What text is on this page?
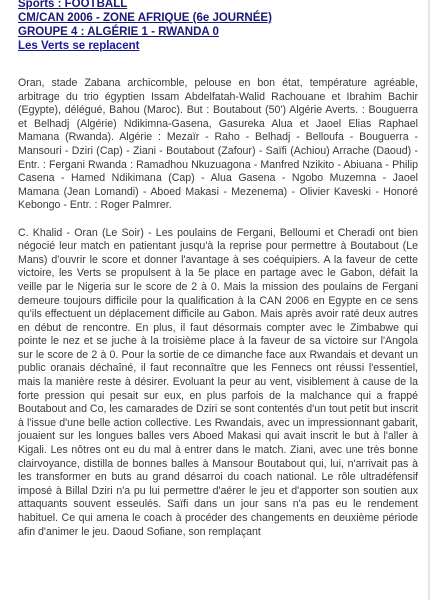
Sports : FOOTBALL
CM/CAN 2006 - ZONE AFRIQUE (6e JOURNÉE)
GROUPE 4 : ALGÉRIE 1 - RWANDA 0
Les Verts se replacent

Oran, stade Zabana archicomble, pelouse en bon état, température agréable, arbitrage du trio égyptien Issam Abdelfatah-Walid Rachouane et Ibrahim Bachir (Egypte), délégué, Bahou (Maroc). But : Boutabout (50') Algérie Averts. : Bouguerra et Belhadj (Algérie) Ndikimna-Gasena, Gasureka Alua et Jaoel Elias Raphael Mamana (Rwanda). Algérie : Mezaïr - Raho - Belhadj - Belloufa - Bouguerra - Mansouri - Dziri (Cap) - Ziani - Boutabout (Zafour) - Saïfi (Achiou) Arrache (Daoud) - Entr. : Fergani Rwanda : Ramadhou Nkuzuagona - Manfred Nzikito - Abiuana - Philip Casena - Hamed Ndikimana (Cap) - Alua Gasena - Ngobo Muzemna - Jaoel Mamana (Jean Lomandi) - Aboed Makasi - Mezenema) - Olivier Kaveski - Honoré Kebongo - Entr. : Roger Palmrer.

C. Khalid - Oran (Le Soir) - Les poulains de Fergani, Belloumi et Cheradi ont bien négocié leur match en patientant jusqu'à la reprise pour permettre à Boutabout (Le Mans) d'ouvrir le score et donner l'avantage à ses coéquipiers. A la faveur de cette victoire, les Verts se propulsent à la 5e place en partage avec le Gabon, défait la veille par le Nigeria sur le score de 2 à 0. Mais la mission des poulains de Fergani demeure toujours difficile pour la qualification à la CAN 2006 en Egypte en ce sens qu'ils effectuent un déplacement difficile au Gabon. Mais après avoir raté deux autres en début de rencontre. En plus, il faut désormais compter avec le Zimbabwe qui pointe le nez et se juche à la troisième place à la faveur de sa victoire sur l'Angola sur le score de 2 à 0. Pour la sortie de ce dimanche face aux Rwandais et devant un public oranais déchaîné, il faut reconnaître que les Fennecs ont réussi l'essentiel, mais la manière reste à désirer. Evoluant la peur au vent, visiblement à cause de la forte pression qui pesait sur eux, en plus parfois de la malchance qui a frappé Boutabout and Co, les camarades de Dziri se sont contentés d'un tout petit but inscrit à l'issue d'une belle action collective. Les Rwandais, avec un impressionnant gabarit, jouaient sur les longues balles vers Aboed Makasi qui avait inscrit le but à l'aller à Kigali. Les nôtres ont eu du mal à entrer dans le match. Ziani, avec une très bonne clairvoyance, distilla de bonnes balles à Mansour Boutabout qui, lui, n'arrivait pas à les transformer en buts au grand désarroi du coach national. Le rôle ultradéfensif imposé à Billal Dziri n'a pu lui permettre d'aérer le jeu et d'apporter son soutien aux attaquants souvent esseulés. Saïfi dans un jour sans n'a pas eu le rendement habituel. Ce qui amena le coach à procéder des changements en deuxième période afin d'animer le jeu. Daoud Sofiane, son remplaçant
